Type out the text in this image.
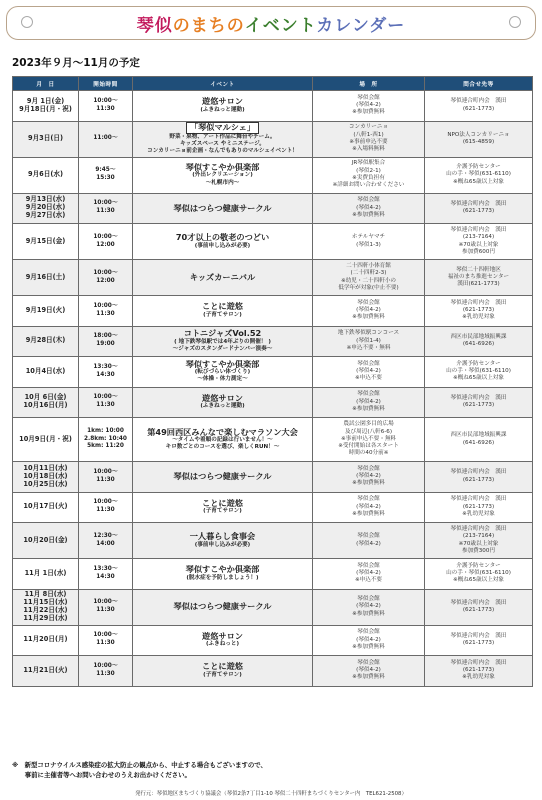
琴似のまちのイベントカレンダー
2023年９月～11月の予定
月　日	開始時間	イベント	場　所	問合せ先等

9月 1日(金)
9月18日(月・祝)	10:00～
11:30	遊悠サロン
(ふきねっと運動)	琴似会館
(琴似4-2)
※参加費無料	琴似連合町内会　漢田
(621-1773)

9月3日(日)	11:00～	「琴似マルシェ」
野菜・果物、アート作品に舞台やチーム。
キッズスペース やミニステージ。
コンカリーニョ前企画・なんでもありのマルシェイベント！	コンカリーニョ
(八軒1-西1)
※事前申込不要
※入場料無料	NPO法人コンカリーニョ
(615-4859)

9月6日(水)	9:45～
15:30	琴似すこやか倶楽部
(外出レクリエーション)
～札幌市内～	JR琴似駅集合
(琴似2-1)
※実費負担有
※詳細お問い合わせください	介護予防センター
山の手・琴似(631-6110)
※概ね65歳以上対象

9月13日(水)
9月20日(水)
9月27日(水)	10:00～
11:30	琴似はつらつ健康サークル	琴似会館
(琴似4-2)
※参加費無料	琴似連合町内会　漢田
(621-1773)

9月15日(金)	10:00～
12:00	70才以上の敬老のつどい
(事前申し込みが必要)	ホテルヤマチ
(琴似1-3)	琴似連合町内会　漢田
(213-7164)
※70歳以上対象
参加費600円

9月16日(土)	10:00～
12:00	キッズカーニバル	二十四軒小体育館
(二十四軒2-3)
※幼児・二十四軒小の
低学年が対象(中止不要)	琴似二十四軒地区
福祉のまち推進センター
漢田(621-1773)

9月19日(火)	10:00～
11:30	ことに遊悠
(子育てサロン)	琴似会館
(琴似4-2)
※参加費無料	琴似連合町内会　漢田
(621-1773)
※乳幼児対象

9月28日(木)	18:00～
19:00	コトニジャズVol.52
( 地下鉄琴似駅では4年ぶりの開催！ )
～ジャズのスタンダードナンバー演奏～	地下鉄琴似駅コンコース
(琴似1-4)
※申込不要・無料	西区市民部地域振興課
(641-6926)

10月4日(水)	13:30～
14:30	琴似すこやか倶楽部
(転びづらい体づくり)
～体操・体力測定～	琴似会館
(琴似4-2)
※申込不要	介護予防センター
山の手・琴似(631-6110)
※概ね65歳以上対象

10月 6日(金)
10月16日(月)	10:00～
11:30	遊悠サロン
(ふきねっと運動)	琴似会館
(琴似4-2)
※参加費無料	琴似連合町内会　漢田
(621-1773)

10月9日(月・祝)	1km: 10:00
2.8km: 10:40
5km: 11:20	第49回西区みんなで楽しむマラソン大会
～タイムや着順の記録は行いません！～
キロ数ごとのコースを選び、楽しくRUN！～	農試公園多目的広場
及び周辺(八軒6-6)
※事前申込不要・無料
※受付開始は各スタート
時間の40分前※	西区市民部地域振興課
(641-6926)

10月11日(水)
10月18日(水)
10月25日(水)	10:00～
11:30	琴似はつらつ健康サークル	琴似会館
(琴似4-2)
※参加費無料	琴似連合町内会　漢田
(621-1773)

10月17日(火)	10:00～
11:30	ことに遊悠
(子育てサロン)	琴似会館
(琴似4-2)
※参加費無料	琴似連合町内会　漢田
(621-1773)
※乳幼児対象

10月20日(金)	12:30～
14:00	一人暮らし食事会
(事前申し込みが必要)	琴似会館
(琴似4-2)	琴似連合町内会　漢田
(213-7164)
※70歳以上対象
参加費300円

11月 1日(水)	13:30～
14:30	琴似すこやか倶楽部
(脱水症を予防しましょう！)	琴似会館
(琴似4-2)
※申込不要	介護予防センター
山の手・琴似(631-6110)
※概ね65歳以上対象

11月 8日(水)
11月15日(水)
11月22日(水)
11月29日(水)	10:00～
11:30	琴似はつらつ健康サークル	琴似会館
(琴似4-2)
※参加費無料	琴似連合町内会　漢田
(621-1773)

11月20日(月)	10:00～
11:30	遊悠サロン
(ふきねっと)	琴似会館
(琴似4-2)
※参加費無料	琴似連合町内会　漢田
(621-1773)

11月21日(火)	10:00～
11:30	ことに遊悠
(子育てサロン)	琴似会館
(琴似4-2)
※参加費無料	琴似連合町内会　漢田
(621-1773)
※乳幼児対象
※　新型コロナウイルス感染症の拡大防止の観点から、中止する場合もございますので、
　　事前に主催者等へお問い合わせのうえお出かけください。
発行元：琴似地区まちづくり協議会（琴似2条7丁目1-10 琴似二十四軒まちづくりセンター内　TEL621-2508）
